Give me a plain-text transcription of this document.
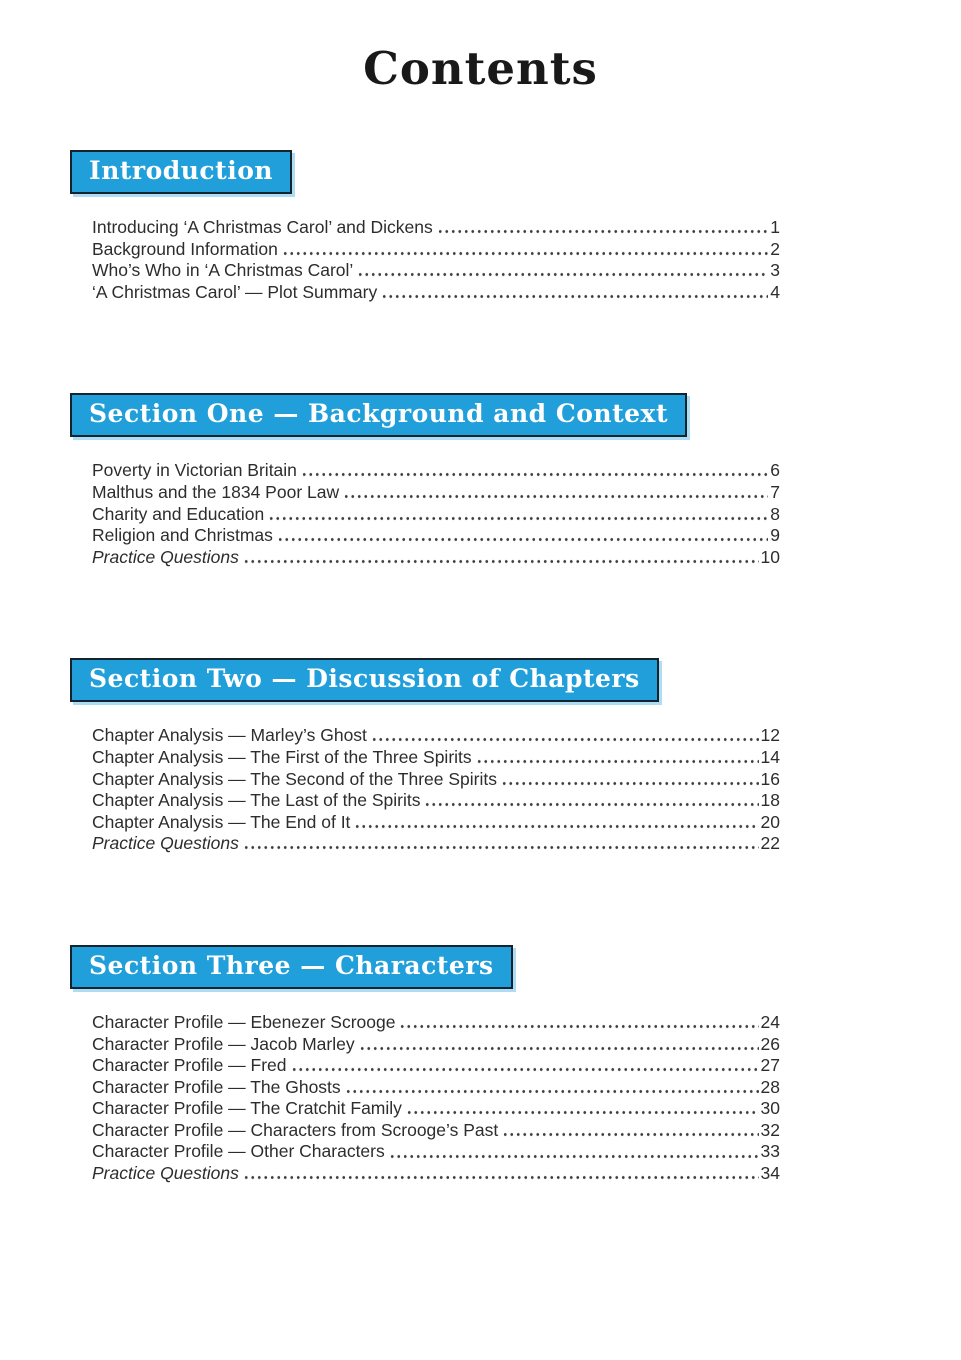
Contents
Introduction
Introducing ‘A Christmas Carol’ and Dickens	1
Background Information	2
Who’s Who in ‘A Christmas Carol’	3
‘A Christmas Carol’ — Plot Summary	4
Section One — Background and Context
Poverty in Victorian Britain	6
Malthus and the 1834 Poor Law	7
Charity and Education	8
Religion and Christmas	9
Practice Questions	10
Section Two — Discussion of Chapters
Chapter Analysis — Marley’s Ghost	12
Chapter Analysis — The First of the Three Spirits	14
Chapter Analysis — The Second of the Three Spirits	16
Chapter Analysis — The Last of the Spirits	18
Chapter Analysis — The End of It	20
Practice Questions	22
Section Three — Characters
Character Profile — Ebenezer Scrooge	24
Character Profile — Jacob Marley	26
Character Profile — Fred	27
Character Profile — The Ghosts	28
Character Profile — The Cratchit Family	30
Character Profile — Characters from Scrooge’s Past	32
Character Profile — Other Characters	33
Practice Questions	34
